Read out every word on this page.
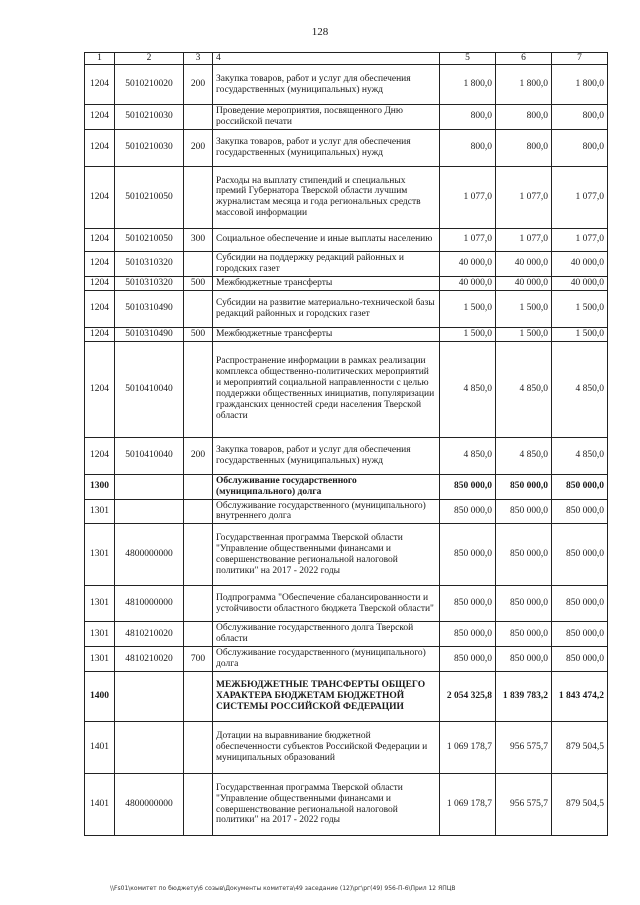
128
1	2	3	4	5	6	7
1204	5010210020	200	Закупка товаров, работ и услуг для обеспечения государственных (муниципальных) нужд	1 800,0	1 800,0	1 800,0
1204	5010210030		Проведение мероприятия, посвященного Дню российской печати	800,0	800,0	800,0
1204	5010210030	200	Закупка товаров, работ и услуг для обеспечения государственных (муниципальных) нужд	800,0	800,0	800,0
1204	5010210050		Расходы на выплату стипендий и специальных премий Губернатора Тверской области лучшим журналистам месяца и года региональных средств массовой информации	1 077,0	1 077,0	1 077,0
1204	5010210050	300	Социальное обеспечение и иные выплаты населению	1 077,0	1 077,0	1 077,0
1204	5010310320		Субсидии на поддержку редакций районных и городских газет	40 000,0	40 000,0	40 000,0
1204	5010310320	500	Межбюджетные трансферты	40 000,0	40 000,0	40 000,0
1204	5010310490		Субсидии на развитие материально-технической базы редакций районных и городских газет	1 500,0	1 500,0	1 500,0
1204	5010310490	500	Межбюджетные трансферты	1 500,0	1 500,0	1 500,0
1204	5010410040		Распространение информации в рамках реализации комплекса общественно-политических мероприятий и мероприятий социальной направленности с целью поддержки общественных инициатив, популяризации гражданских ценностей среди населения Тверской области	4 850,0	4 850,0	4 850,0
1204	5010410040	200	Закупка товаров, работ и услуг для обеспечения государственных (муниципальных) нужд	4 850,0	4 850,0	4 850,0
1300			Обслуживание государственного (муниципального) долга	850 000,0	850 000,0	850 000,0
1301			Обслуживание государственного (муниципального) внутреннего долга	850 000,0	850 000,0	850 000,0
1301	4800000000		Государственная программа Тверской области "Управление общественными финансами и совершенствование региональной налоговой политики" на 2017 - 2022 годы	850 000,0	850 000,0	850 000,0
1301	4810000000		Подпрограмма "Обеспечение сбалансированности и устойчивости областного бюджета Тверской области"	850 000,0	850 000,0	850 000,0
1301	4810210020		Обслуживание государственного долга Тверской области	850 000,0	850 000,0	850 000,0
1301	4810210020	700	Обслуживание государственного (муниципального) долга	850 000,0	850 000,0	850 000,0
1400			МЕЖБЮДЖЕТНЫЕ ТРАНСФЕРТЫ ОБЩЕГО ХАРАКТЕРА БЮДЖЕТАМ БЮДЖЕТНОЙ СИСТЕМЫ РОССИЙСКОЙ ФЕДЕРАЦИИ	2 054 325,8	1 839 783,2	1 843 474,2
1401			Дотации на выравнивание бюджетной обеспеченности субъектов Российской Федерации и муниципальных образований	1 069 178,7	956 575,7	879 504,5
1401	4800000000		Государственная программа Тверской области "Управление общественными финансами и совершенствование региональной налоговой политики" на 2017 - 2022 годы	1 069 178,7	956 575,7	879 504,5
\\Fs01\комитет по бюджету\6 созыв\Документы комитета\49 заседание (12)\рг\рг(49) 956-П-6\Прил 12 ЯПЦВ
